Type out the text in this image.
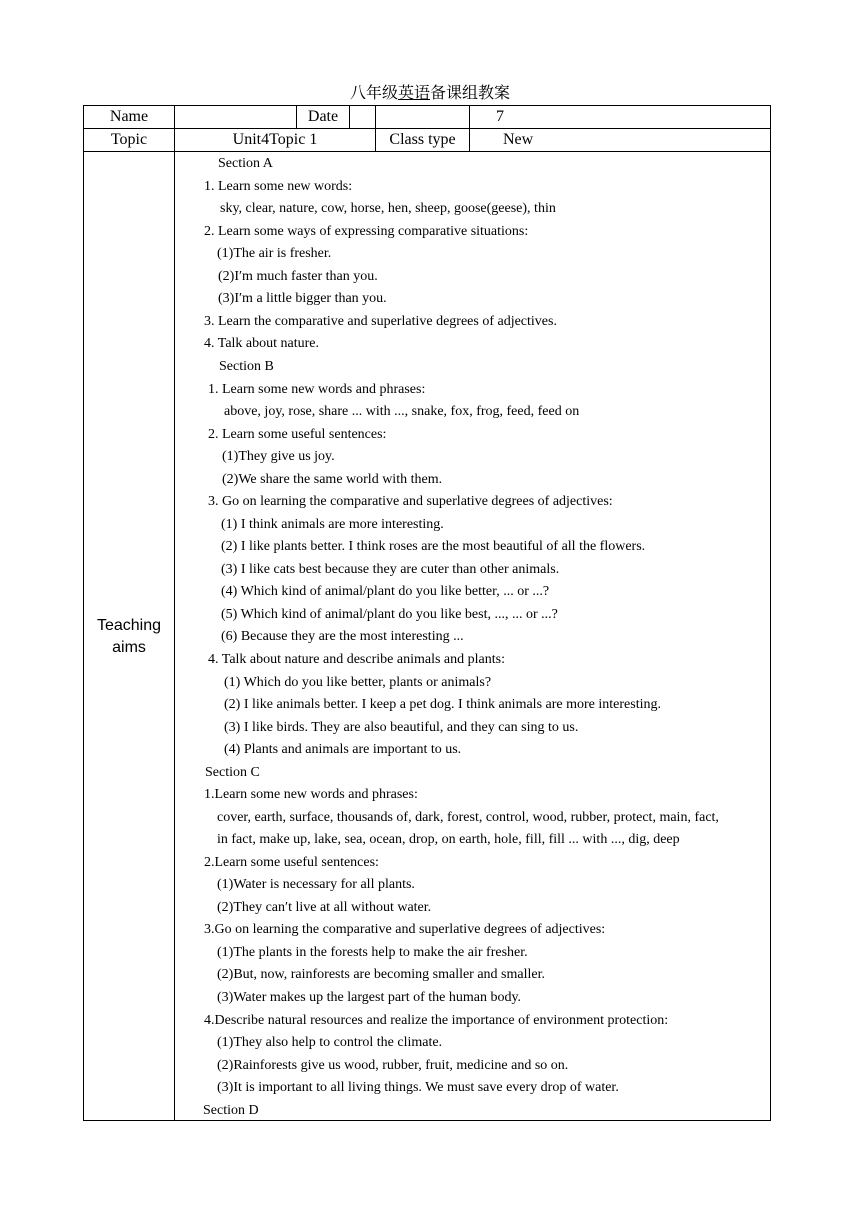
八年级英语备课组教案
Name	Date	7
Topic	Unit4Topic 1	Class type	New
Teaching
aims
Section A
1. Learn some new words:
sky, clear, nature, cow, horse, hen, sheep, goose(geese), thin
2. Learn some ways of expressing comparative situations:
(1)The air is fresher.
(2)I′m much faster than you.
(3)I′m a little bigger than you.
3. Learn the comparative and superlative degrees of adjectives.
4. Talk about nature.
Section B
1. Learn some new words and phrases:
above, joy, rose, share ... with ..., snake, fox, frog, feed, feed on
2. Learn some useful sentences:
(1)They give us joy.
(2)We share the same world with them.
3. Go on learning the comparative and superlative degrees of adjectives:
(1) I think animals are more interesting.
(2) I like plants better. I think roses are the most beautiful of all the flowers.
(3) I like cats best because they are cuter than other animals.
(4) Which kind of animal/plant do you like better, ... or ...?
(5) Which kind of animal/plant do you like best, ..., ... or ...?
(6) Because they are the most interesting ...
4. Talk about nature and describe animals and plants:
(1) Which do you like better, plants or animals?
(2) I like animals better. I keep a pet dog. I think animals are more interesting.
(3) I like birds. They are also beautiful, and they can sing to us.
(4) Plants and animals are important to us.
Section C
1.Learn some new words and phrases:
cover, earth, surface, thousands of, dark, forest, control, wood, rubber, protect, main, fact,
in fact, make up, lake, sea, ocean, drop, on earth, hole, fill, fill ... with ..., dig, deep
2.Learn some useful sentences:
(1)Water is necessary for all plants.
(2)They can′t live at all without water.
3.Go on learning the comparative and superlative degrees of adjectives:
(1)The plants in the forests help to make the air fresher.
(2)But, now, rainforests are becoming smaller and smaller.
(3)Water makes up the largest part of the human body.
4.Describe natural resources and realize the importance of environment protection:
(1)They also help to control the climate.
(2)Rainforests give us wood, rubber, fruit, medicine and so on.
(3)It is important to all living things. We must save every drop of water.
Section D
